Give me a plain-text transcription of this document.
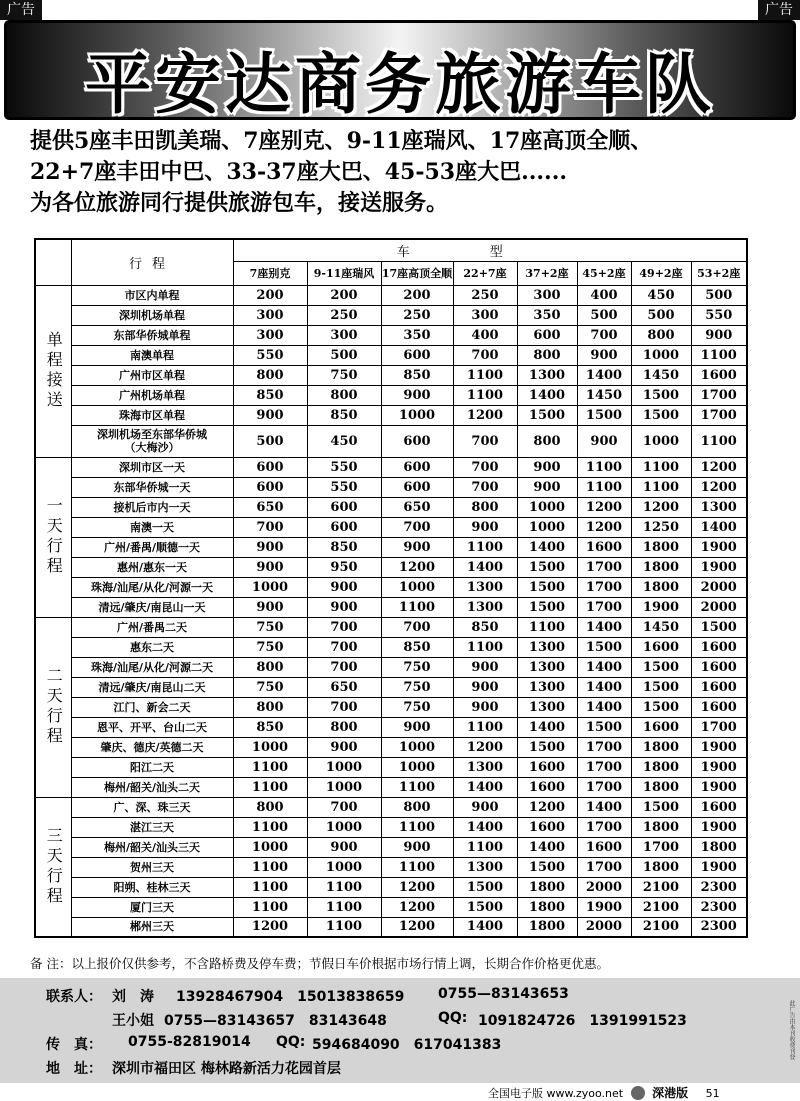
广告	广告
平安达商务旅游车队
提供5座丰田凯美瑞、7座别克、9-11座瑞风、17座高顶全顺、
22+7座丰田中巴、33-37座大巴、45-53座大巴......
为各位旅游同行提供旅游包车，接送服务。
	行程	车型							
		7座别克	9-11座瑞风	17座高顶全顺	22+7座	37+2座	45+2座	49+2座	53+2座

单程接送	市区内单程	200	200	200	250	300	400	450	500

	深圳机场单程	300	250	250	300	350	500	500	550

	东部华侨城单程	300	300	350	400	600	700	800	900

	南澳单程	550	500	600	700	800	900	1000	1100

	广州市区单程	800	750	850	1100	1300	1400	1450	1600

	广州机场单程	850	800	900	1100	1400	1450	1500	1700

	珠海市区单程	900	850	1000	1200	1500	1500	1500	1700

	深圳机场至东部华侨城
（大梅沙）	500	450	600	700	800	900	1000	1100

一天行程	深圳市区一天	600	550	600	700	900	1100	1100	1200

	东部华侨城一天	600	550	600	700	900	1100	1100	1200

	接机后市内一天	650	600	650	800	1000	1200	1200	1300

	南澳一天	700	600	700	900	1000	1200	1250	1400

	广州/番禺/顺德一天	900	850	900	1100	1400	1600	1800	1900

	惠州/惠东一天	900	950	1200	1400	1500	1700	1800	1900

	珠海/汕尾/从化/河源一天	1000	900	1000	1300	1500	1700	1800	2000

	清远/肇庆/南昆山一天	900	900	1100	1300	1500	1700	1900	2000

二天行程	广州/番禺二天	750	700	700	850	1100	1400	1450	1500

	惠东二天	750	700	850	1100	1300	1500	1600	1600

	珠海/汕尾/从化/河源二天	800	700	750	900	1300	1400	1500	1600

	清远/肇庆/南昆山二天	750	650	750	900	1300	1400	1500	1600

	江门、新会二天	800	700	750	900	1300	1400	1500	1600

	恩平、开平、台山二天	850	800	900	1100	1400	1500	1600	1700

	肇庆、德庆/英德二天	1000	900	1000	1200	1500	1700	1800	1900

	阳江二天	1100	1000	1000	1300	1600	1700	1800	1900

	梅州/韶关/汕头二天	1100	1000	1100	1400	1600	1700	1800	1900

三天行程	广、深、珠三天	800	700	800	900	1200	1400	1500	1600

	湛江三天	1100	1000	1100	1400	1600	1700	1800	1900

	梅州/韶关/汕头三天	1000	900	900	1100	1400	1600	1700	1800

	贺州三天	1100	1000	1100	1300	1500	1700	1800	1900

	阳朔、桂林三天	1100	1100	1200	1500	1800	2000	2100	2300

	厦门三天	1100	1100	1200	1500	1800	1900	2100	2300

	郴州三天	1200	1100	1200	1400	1800	2000	2100	2300
备 注：以上报价仅供参考，不含路桥费及停车费；节假日车价根据市场行情上调，长期合作价格更优惠。
联系人： 刘　涛 13928467904　15013838659 0755—83143653
王小姐 0755—83143657　83143648	QQ: 1091824726　1391991523
传　真： 0755-82819014 QQ: 594684090　617041383
地　址： 深圳市福田区 梅林路新活力花园首层
此广告由本刊收费刊登
全国电子版 www.zyoo.net 深港版 51
